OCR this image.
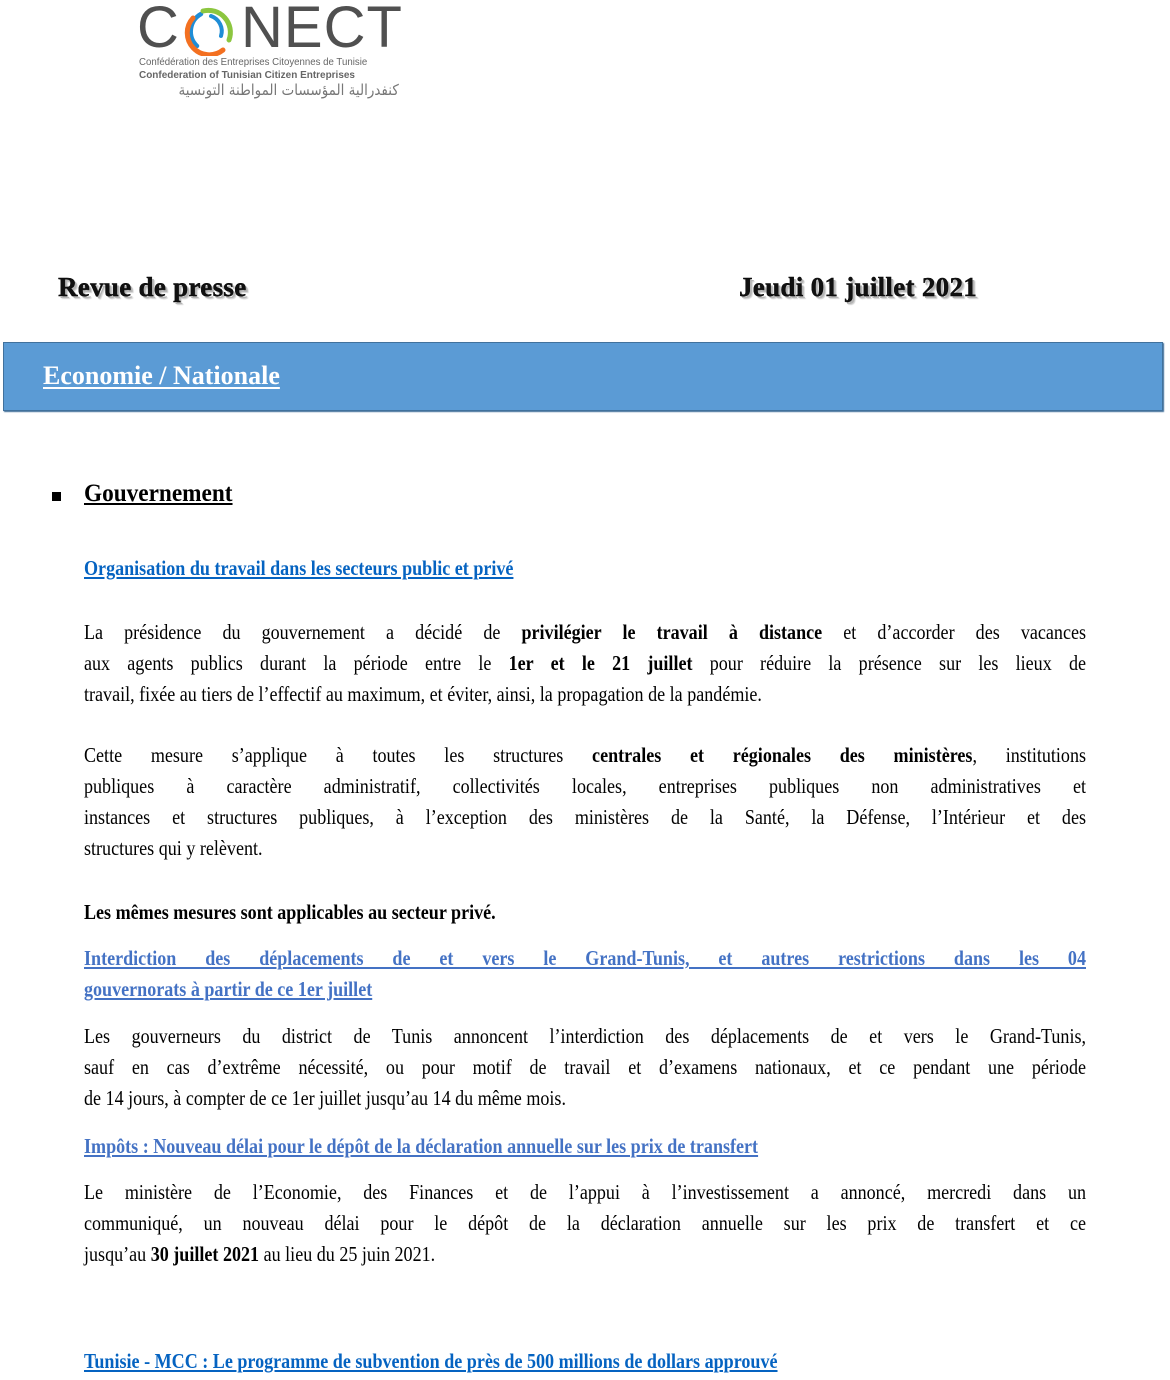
C NECT
Confédération des Entreprises Citoyennes de Tunisie
Confederation of Tunisian Citizen Entreprises
كنفدرالية المؤسسات المواطنة التونسية
Revue de presse	Jeudi 01 juillet 2021
Economie / Nationale
Gouvernement
Organisation du travail dans les secteurs public et privé
La présidence du gouvernement a décidé de privilégier le travail à distance et d’accorder des vacances
aux agents publics durant la période entre le 1er et le 21 juillet pour réduire la présence sur les lieux de
travail, fixée au tiers de l’effectif au maximum, et éviter, ainsi, la propagation de la pandémie.
Cette mesure s’applique à toutes les structures centrales et régionales des ministères, institutions
publiques à caractère administratif, collectivités locales, entreprises publiques non administratives et
instances et structures publiques, à l’exception des ministères de la Santé, la Défense, l’Intérieur et des
structures qui y relèvent.
Les mêmes mesures sont applicables au secteur privé.
Interdiction des déplacements de et vers le Grand-Tunis, et autres restrictions dans les 04
gouvernorats à partir de ce 1er juillet
Les gouverneurs du district de Tunis annoncent l’interdiction des déplacements de et vers le Grand-Tunis,
sauf en cas d’extrême nécessité, ou pour motif de travail et d’examens nationaux, et ce pendant une période
de 14 jours, à compter de ce 1er juillet jusqu’au 14 du même mois.
Impôts : Nouveau délai pour le dépôt de la déclaration annuelle sur les prix de transfert
Le ministère de l’Economie, des Finances et de l’appui à l’investissement a annoncé, mercredi dans un
communiqué, un nouveau délai pour le dépôt de la déclaration annuelle sur les prix de transfert et ce
jusqu’au 30 juillet 2021 au lieu du 25 juin 2021.
Tunisie - MCC : Le programme de subvention de près de 500 millions de dollars approuvé
